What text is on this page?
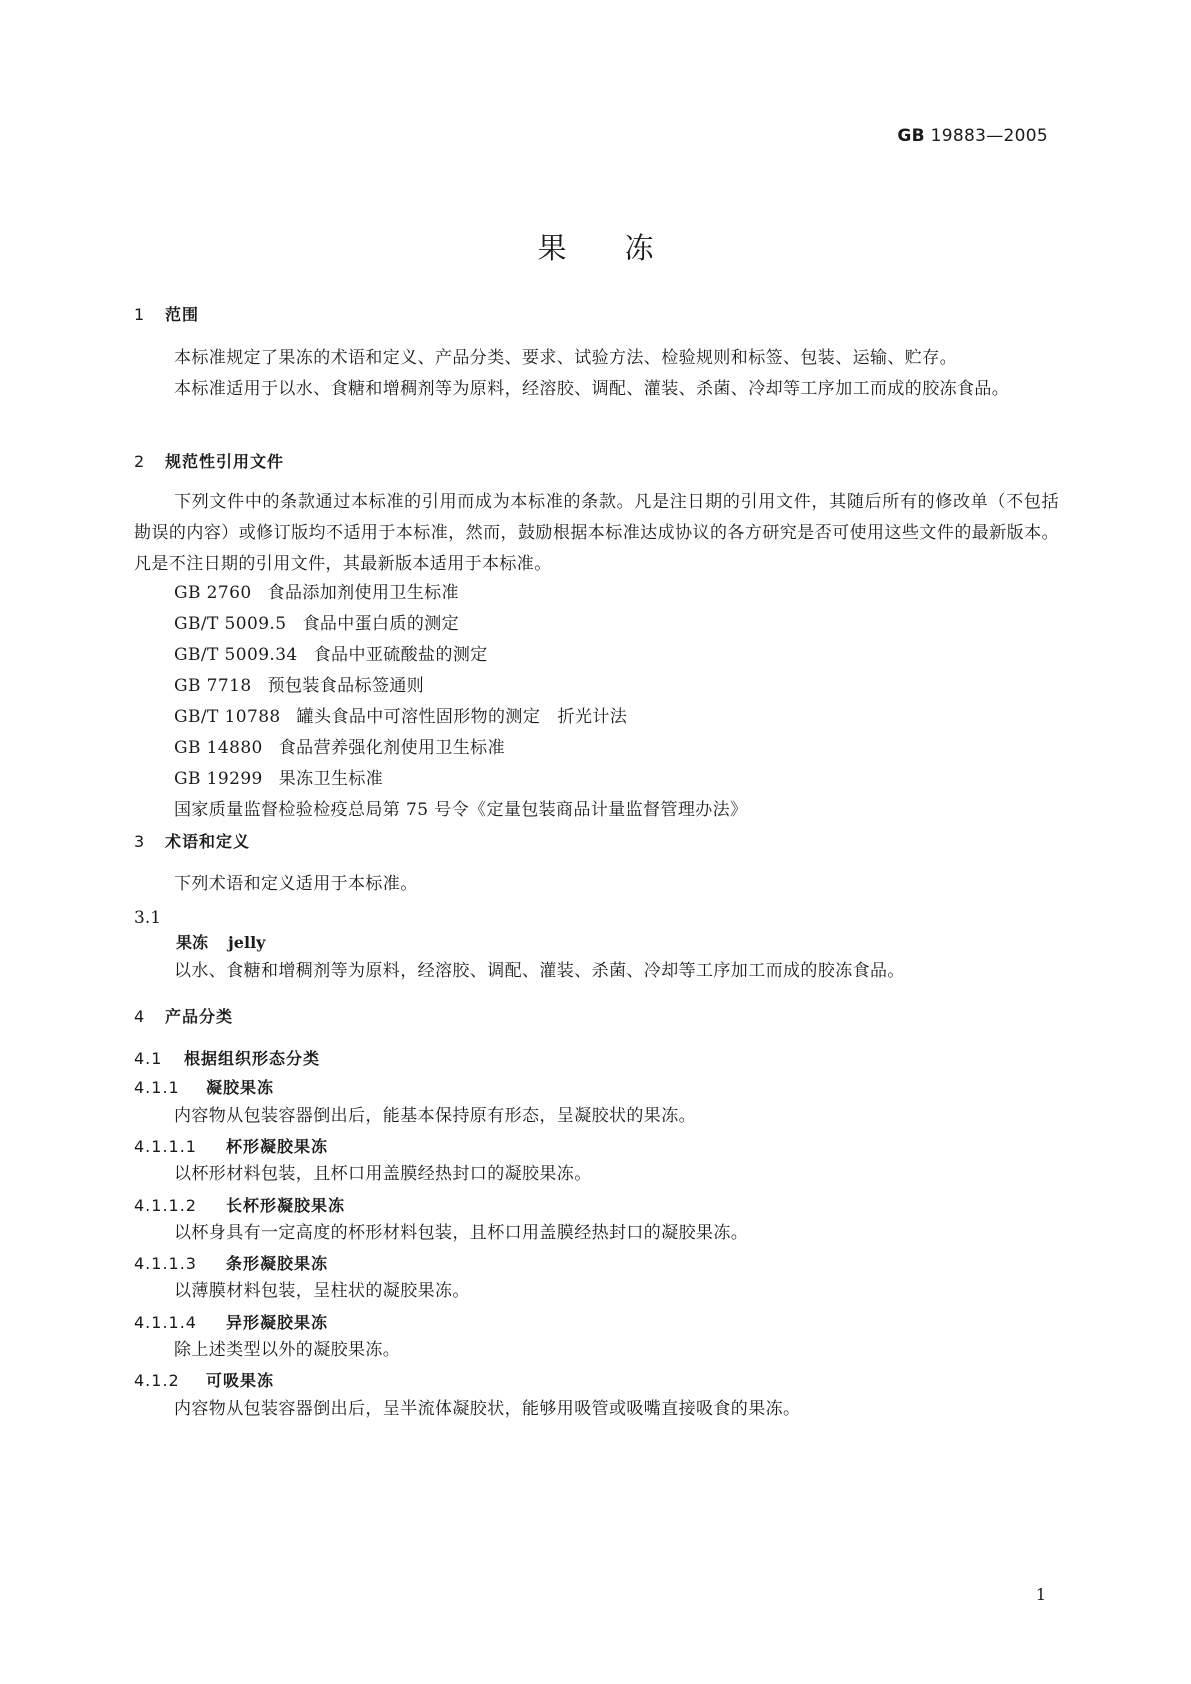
GB 19883—2005
果 冻
1 范围
本标准规定了果冻的术语和定义、产品分类、要求、试验方法、检验规则和标签、包装、运输、贮存。
本标准适用于以水、食糖和增稠剂等为原料，经溶胶、调配、灌装、杀菌、冷却等工序加工而成的胶冻食品。
2 规范性引用文件
下列文件中的条款通过本标准的引用而成为本标准的条款。凡是注日期的引用文件，其随后所有的修改单（不包括勘误的内容）或修订版均不适用于本标准，然而，鼓励根据本标准达成协议的各方研究是否可使用这些文件的最新版本。凡是不注日期的引用文件，其最新版本适用于本标准。
GB 2760 食品添加剂使用卫生标准
GB/T 5009.5 食品中蛋白质的测定
GB/T 5009.34 食品中亚硫酸盐的测定
GB 7718 预包装食品标签通则
GB/T 10788 罐头食品中可溶性固形物的测定　折光计法
GB 14880 食品营养强化剂使用卫生标准
GB 19299 果冻卫生标准
国家质量监督检验检疫总局第 75 号令《定量包装商品计量监督管理办法》
3 术语和定义
下列术语和定义适用于本标准。
3.1
果冻 jelly
以水、食糖和增稠剂等为原料，经溶胶、调配、灌装、杀菌、冷却等工序加工而成的胶冻食品。
4 产品分类
4.1 根据组织形态分类
4.1.1 凝胶果冻
内容物从包装容器倒出后，能基本保持原有形态，呈凝胶状的果冻。
4.1.1.1 杯形凝胶果冻
以杯形材料包装，且杯口用盖膜经热封口的凝胶果冻。
4.1.1.2 长杯形凝胶果冻
以杯身具有一定高度的杯形材料包装，且杯口用盖膜经热封口的凝胶果冻。
4.1.1.3 条形凝胶果冻
以薄膜材料包装，呈柱状的凝胶果冻。
4.1.1.4 异形凝胶果冻
除上述类型以外的凝胶果冻。
4.1.2 可吸果冻
内容物从包装容器倒出后，呈半流体凝胶状，能够用吸管或吸嘴直接吸食的果冻。
1
